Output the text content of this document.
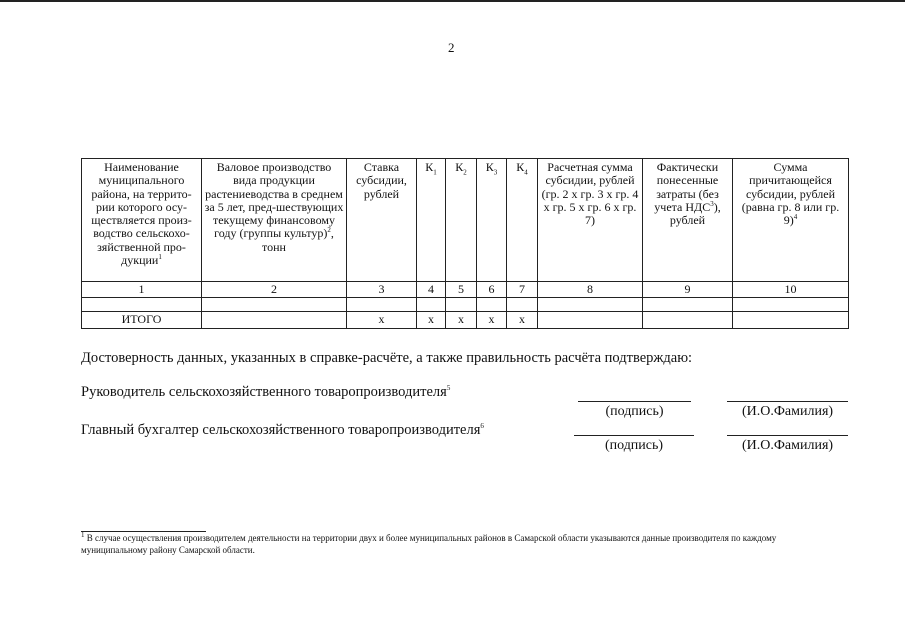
2
Наименование муниципального района, на террито-рии которого осу-ществляется произ-водство сельскохо-зяйственной про-дукции$^1$	Валовое производство вида продукции растениеводства в среднем за 5 лет, пред-шествующих текущему финансовому году (группы культур)$^2$, тонн	Ставка субсидии, рублей	$К_1$	$К_2$	$К_3$	$К_4$	Расчетная сумма субсидии, рублей (гр. 2 х гр. 3 х гр. 4 х гр. 5 х гр. 6 х гр. 7)	Фактически понесенные затраты (без учета НДС$^3$), рублей	Сумма причитающейся субсидии, рублей (равна гр. 8 или гр. 9)$^4$
1	2	3	4	5	6	7	8	9	10

ИТОГО		х	х	х	х	х			
Достоверность данных, указанных в справке-расчёте, а также правильность расчёта подтверждаю:
Руководитель сельскохозяйственного товаропроизводителя$^5$
(подпись)	(И.О.Фамилия)
Главный бухгалтер сельскохозяйственного товаропроизводителя$^6$
(подпись)	(И.О.Фамилия)
$^1$ В случае осуществления производителем деятельности на территории двух и более муниципальных районов в Самарской области указываются данные производителя по каждому муниципальному району Самарской области.
